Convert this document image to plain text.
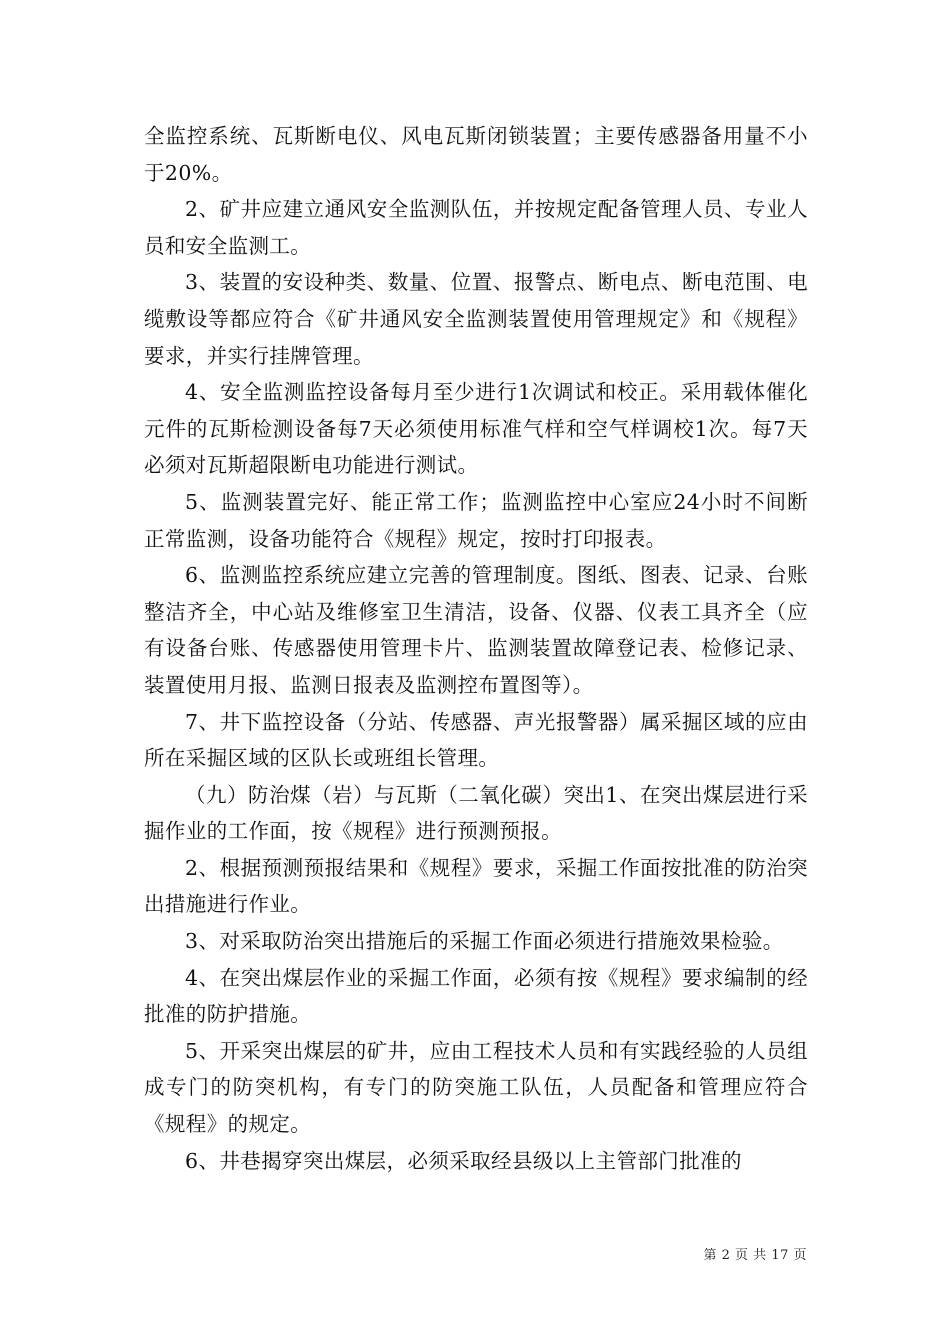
全监控系统、瓦斯断电仪、风电瓦斯闭锁装置；主要传感器备用量不小于20%。

2、矿井应建立通风安全监测队伍，并按规定配备管理人员、专业人员和安全监测工。

3、装置的安设种类、数量、位置、报警点、断电点、断电范围、电缆敷设等都应符合《矿井通风安全监测装置使用管理规定》和《规程》要求，并实行挂牌管理。

4、安全监测监控设备每月至少进行1次调试和校正。采用载体催化元件的瓦斯检测设备每7天必须使用标准气样和空气样调校1次。每7天必须对瓦斯超限断电功能进行测试。

5、监测装置完好、能正常工作；监测监控中心室应24小时不间断正常监测，设备功能符合《规程》规定，按时打印报表。

6、监测监控系统应建立完善的管理制度。图纸、图表、记录、台账整洁齐全，中心站及维修室卫生清洁，设备、仪器、仪表工具齐全（应有设备台账、传感器使用管理卡片、监测装置故障登记表、检修记录、装置使用月报、监测日报表及监测控布置图等）。

7、井下监控设备（分站、传感器、声光报警器）属采掘区域的应由所在采掘区域的区队长或班组长管理。

（九）防治煤（岩）与瓦斯（二氧化碳）突出1、在突出煤层进行采掘作业的工作面，按《规程》进行预测预报。

2、根据预测预报结果和《规程》要求，采掘工作面按批准的防治突出措施进行作业。

3、对采取防治突出措施后的采掘工作面必须进行措施效果检验。

4、在突出煤层作业的采掘工作面，必须有按《规程》要求编制的经批准的防护措施。

5、开采突出煤层的矿井，应由工程技术人员和有实践经验的人员组成专门的防突机构，有专门的防突施工队伍，人员配备和管理应符合《规程》的规定。

6、井巷揭穿突出煤层，必须采取经县级以上主管部门批准的

第 2 页 共 17 页
